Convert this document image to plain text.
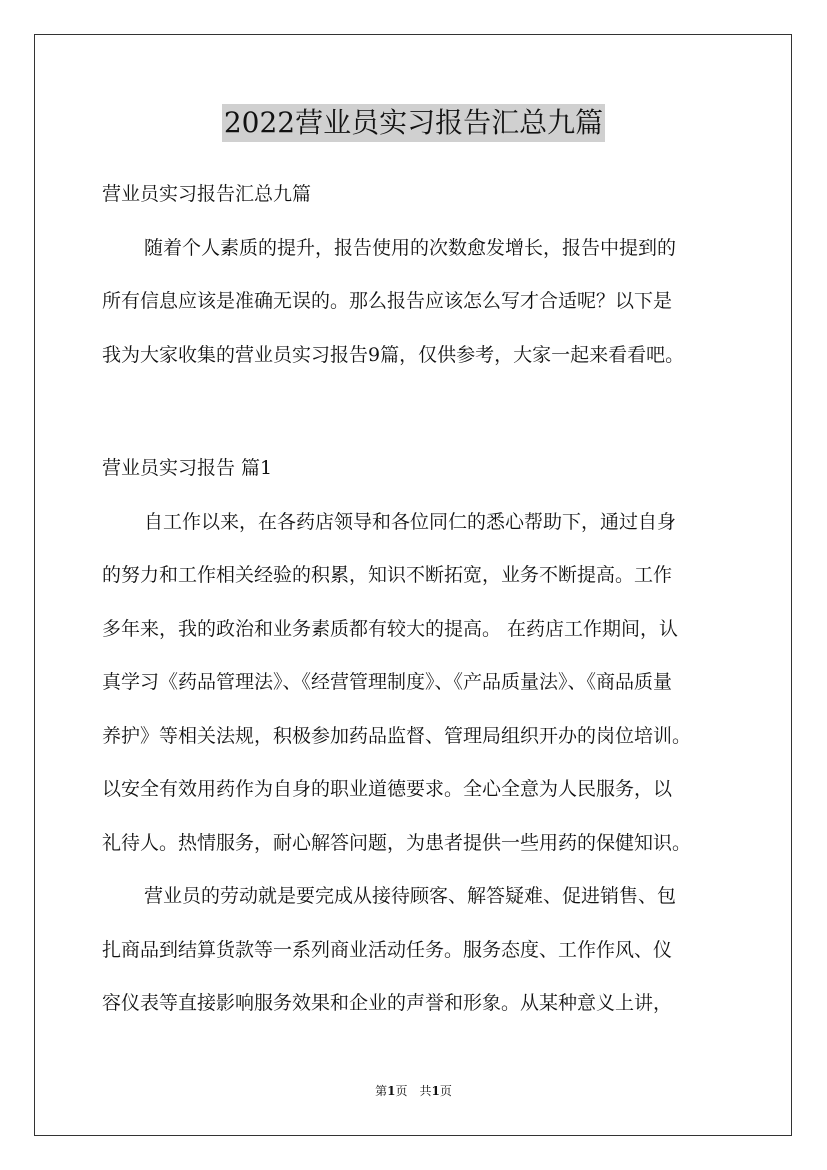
2022营业员实习报告汇总九篇
营业员实习报告汇总九篇
随着个人素质的提升，报告使用的次数愈发增长，报告中提到的
所有信息应该是准确无误的。那么报告应该怎么写才合适呢？以下是
我为大家收集的营业员实习报告9篇，仅供参考，大家一起来看看吧。
营业员实习报告 篇1
自工作以来，在各药店领导和各位同仁的悉心帮助下，通过自身
的努力和工作相关经验的积累，知识不断拓宽，业务不断提高。工作
多年来，我的政治和业务素质都有较大的提高。 在药店工作期间，认
真学习《药品管理法》、《经营管理制度》、《产品质量法》、《商品质量
养护》等相关法规，积极参加药品监督、管理局组织开办的岗位培训。
以安全有效用药作为自身的职业道德要求。全心全意为人民服务，以
礼待人。热情服务，耐心解答问题，为患者提供一些用药的保健知识。
营业员的劳动就是要完成从接待顾客、解答疑难、促进销售、包
扎商品到结算货款等一系列商业活动任务。服务态度、工作作风、仪
容仪表等直接影响服务效果和企业的声誉和形象。从某种意义上讲，
第1页　共1页
